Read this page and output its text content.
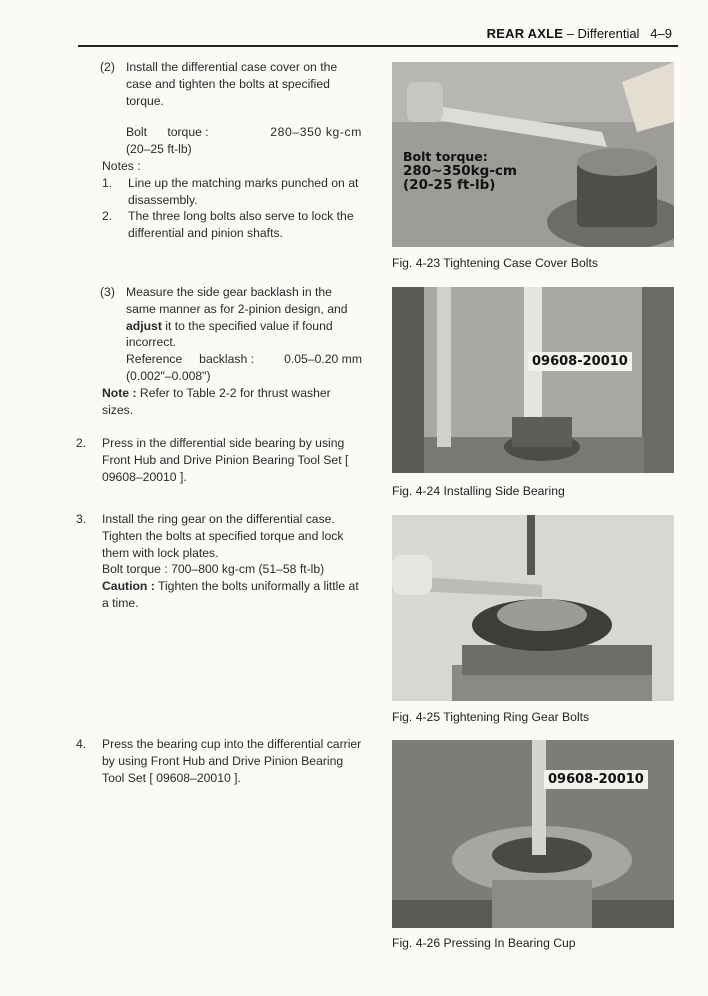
REAR AXLE – Differential 4–9
(2) Install the differential case cover on the case and tighten the bolts at specified torque.
Bolt      torque :	280–350 kg-cm
(20–25 ft-lb)
Notes :
1.	Line up the matching marks punched on at disassembly.
2.	The three long bolts also serve to lock the differential and pinion shafts.
(3) Measure the side gear backlash in the same manner as for 2-pinion design, and adjust it to the specified value if found incorrect.
Reference     backlash : 0.05–0.20 mm
(0.002"–0.008")
Note : Refer to Table 2-2 for thrust washer sizes.
2.	Press in the differential side bearing by using Front Hub and Drive Pinion Bearing Tool Set [ 09608–20010 ].
3.	Install the ring gear on the differential case. Tighten the bolts at specified torque and lock them with lock plates.
Bolt torque : 700–800 kg-cm (51–58 ft-lb)
Caution : Tighten the bolts uniformally a little at a time.
4.	Press the bearing cup into the differential carrier by using Front Hub and Drive Pinion Bearing Tool Set [ 09608–20010 ].
Bolt torque:
280~350kg-cm
(20-25 ft-lb)
Fig. 4-23 Tightening Case Cover Bolts
09608-20010
Fig. 4-24 Installing Side Bearing
Fig. 4-25 Tightening Ring Gear Bolts
09608-20010
Fig. 4-26 Pressing In Bearing Cup
